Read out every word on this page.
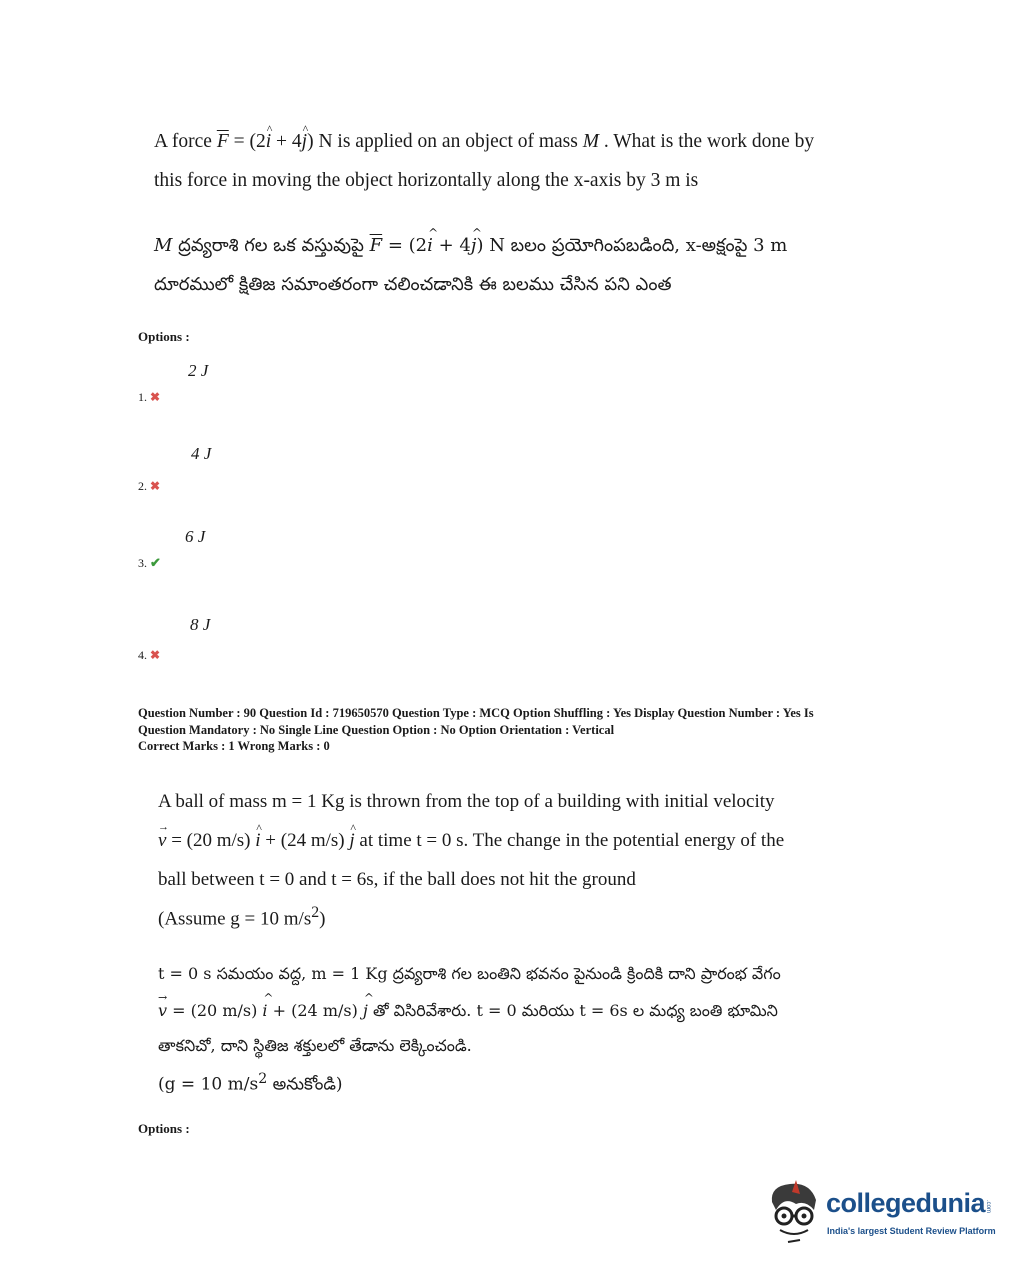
A force $\overline{F}$ = (2^ i + 4^ j) N is applied on an object of mass M . What is the work done by
this force in moving the object horizontally along the x-axis by 3 m is
M ద్రవ్యరాశి గల ఒక వస్తువుపై $\overline{F}$ = (2^ i + 4^ j) N బలం ప్రయోగింపబడింది, x-అక్షంపై 3 m
దూరములో క్షితిజ సమాంతరంగా చలించడానికి ఈ బలము చేసిన పని ఎంత
Options :
2 J
1. ✖
4 J
2. ✖
6 J
3. ✔
8 J
4. ✖
Question Number : 90 Question Id : 719650570 Question Type : MCQ Option Shuffling : Yes Display Question Number : Yes Is
Question Mandatory : No Single Line Question Option : No Option Orientation : Vertical
Correct Marks : 1 Wrong Marks : 0
A ball of mass m = 1 Kg is thrown from the top of a building with initial velocity
→ v = (20 m/s) ^ i + (24 m/s) ^ j at time t = 0 s. The change in the potential energy of the
ball between t = 0 and t = 6s, if the ball does not hit the ground
(Assume g = 10 $m/s^2$)
t = 0 s సమయం వద్ద, m = 1 Kg ద్రవ్యరాశి గల బంతిని భవనం పైనుండి క్రిందికి దాని ప్రారంభ వేగం
→ v = (20 m/s) ^ i + (24 m/s) ^ j తో విసిరివేశారు. t = 0 మరియు t = 6s ల మధ్య బంతి భూమిని
తాకనిచో, దాని స్థితిజ శక్తులలో తేడాను లెక్కించండి.
(g = 10 $m/s^2$ అనుకోండి)
Options :
collegedunia .com
India's largest Student Review Platform
